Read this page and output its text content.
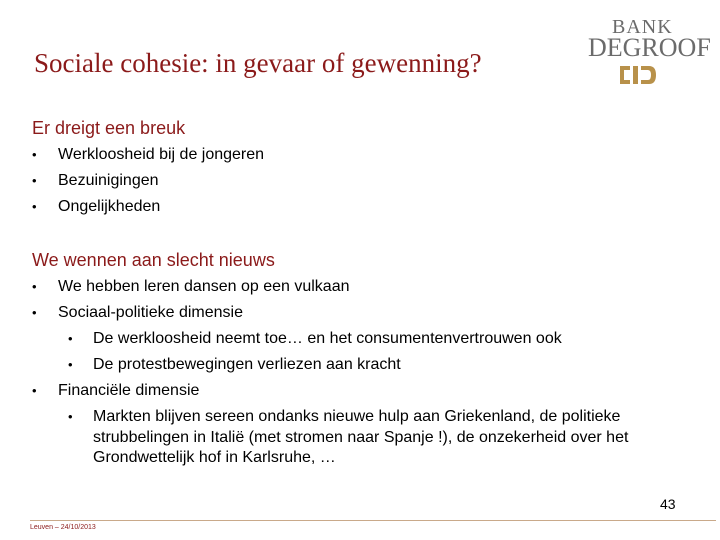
Sociale cohesie: in gevaar of gewenning?
BANK
DEGROOF
Er dreigt een breuk
• Werkloosheid bij de jongeren
• Bezuinigingen
• Ongelijkheden
We wennen aan slecht nieuws
• We hebben leren dansen op een vulkaan
• Sociaal-politieke dimensie
• De werkloosheid neemt toe… en het consumentenvertrouwen ook
• De protestbewegingen verliezen aan kracht
• Financiële dimensie
• Markten blijven sereen ondanks nieuwe hulp aan Griekenland, de politieke strubbelingen in Italië (met stromen naar Spanje !), de onzekerheid over het Grondwettelijk hof in Karlsruhe, …
43
Leuven – 24/10/2013
